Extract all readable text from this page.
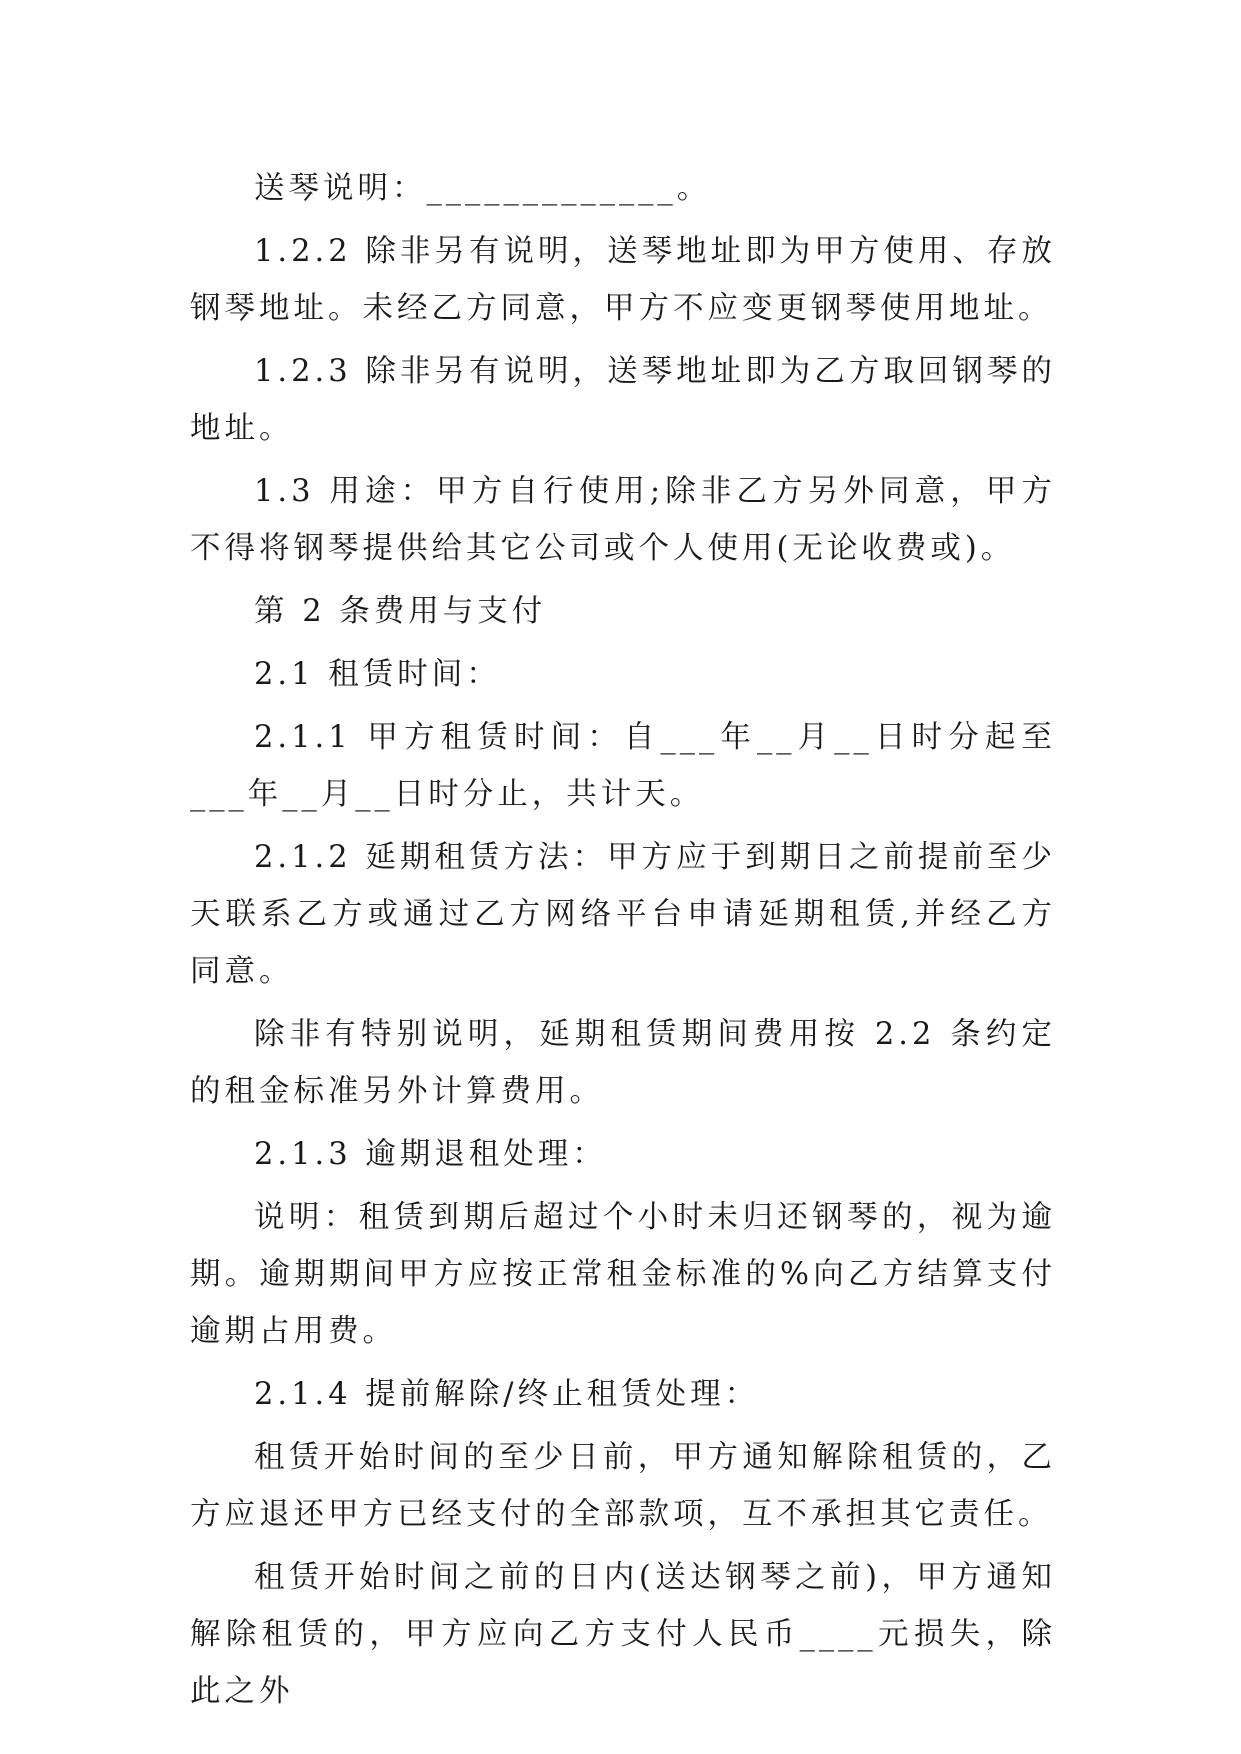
送琴说明：_____________。

1.2.2 除非另有说明，送琴地址即为甲方使用、存放钢琴地址。未经乙方同意，甲方不应变更钢琴使用地址。

1.2.3 除非另有说明，送琴地址即为乙方取回钢琴的地址。

1.3 用途：甲方自行使用;除非乙方另外同意，甲方不得将钢琴提供给其它公司或个人使用(无论收费或)。

第 2 条费用与支付

2.1 租赁时间：

2.1.1 甲方租赁时间：自___年__月__日时分起至___年__月__日时分止，共计天。

2.1.2 延期租赁方法：甲方应于到期日之前提前至少天联系乙方或通过乙方网络平台申请延期租赁,并经乙方同意。

除非有特别说明，延期租赁期间费用按 2.2 条约定的租金标准另外计算费用。

2.1.3 逾期退租处理：

说明：租赁到期后超过个小时未归还钢琴的，视为逾期。逾期期间甲方应按正常租金标准的%向乙方结算支付逾期占用费。

2.1.4 提前解除/终止租赁处理：

租赁开始时间的至少日前，甲方通知解除租赁的，乙方应退还甲方已经支付的全部款项，互不承担其它责任。

租赁开始时间之前的日内(送达钢琴之前)，甲方通知解除租赁的，甲方应向乙方支付人民币____元损失，除此之外
